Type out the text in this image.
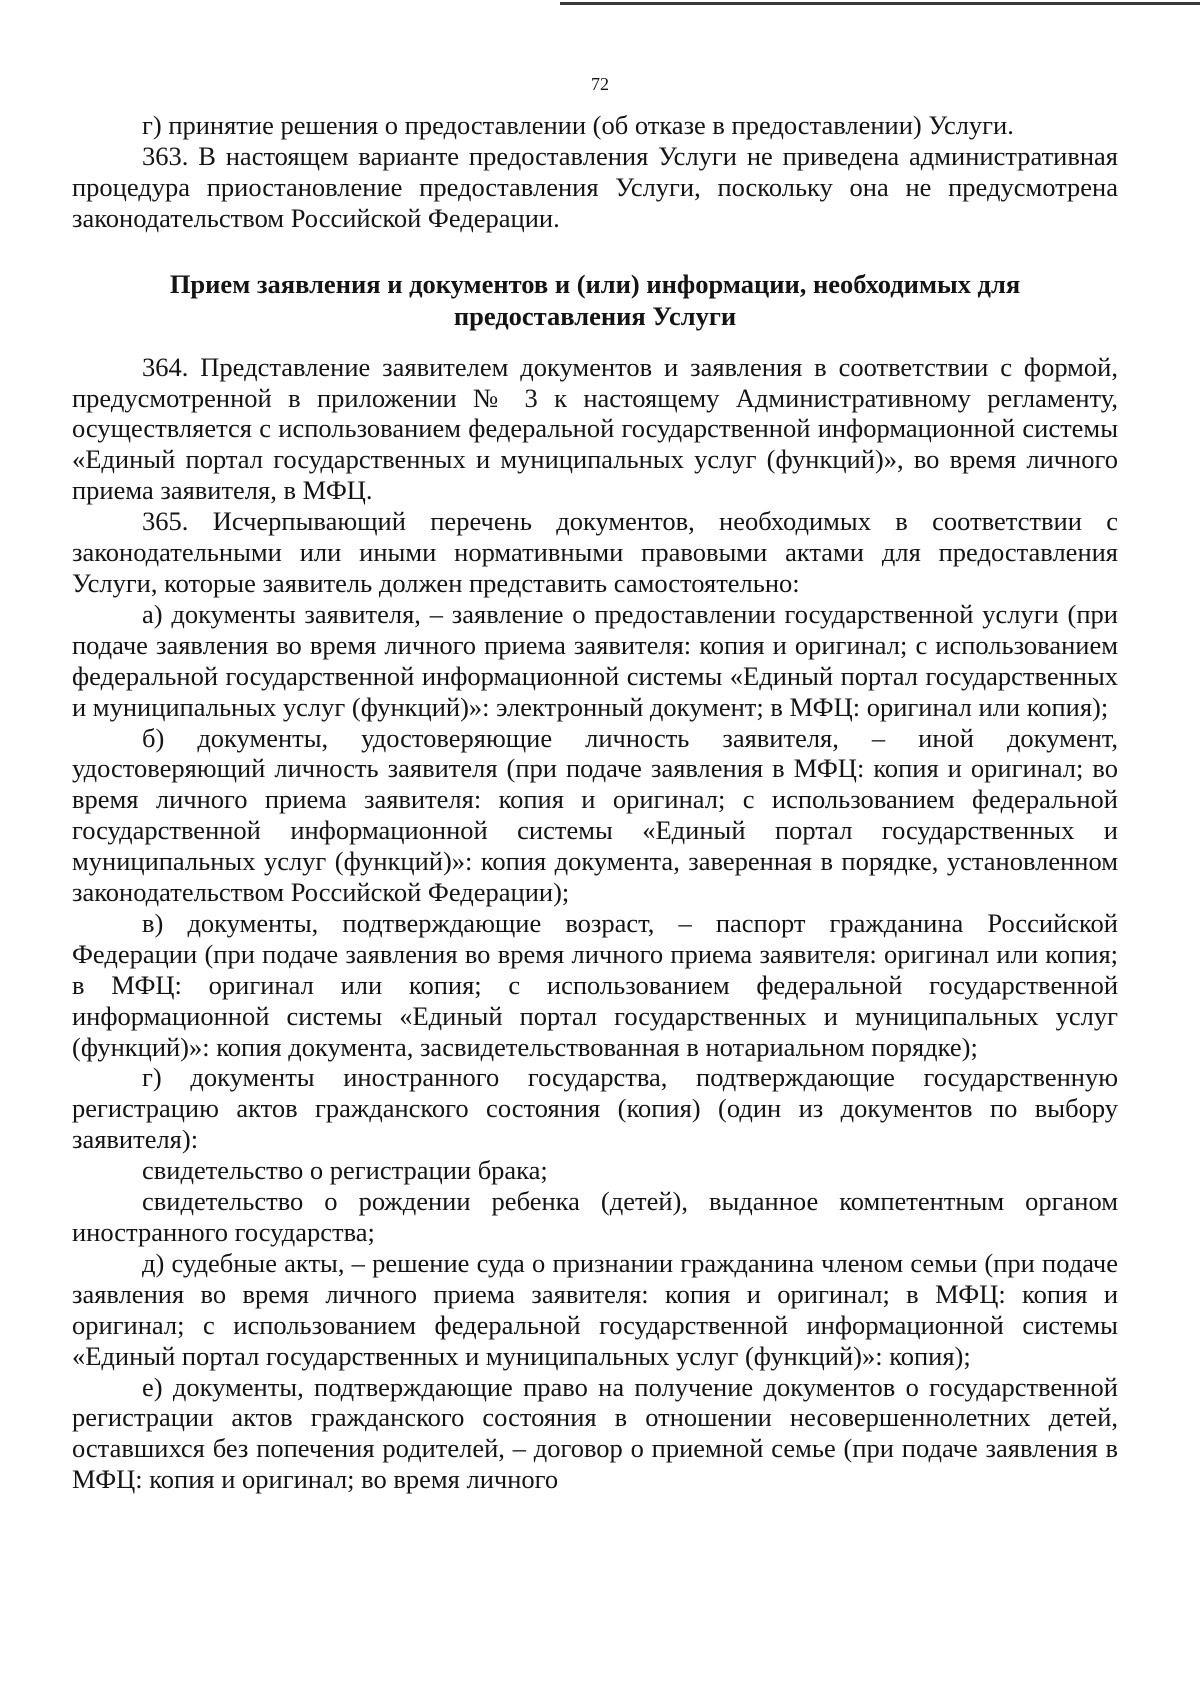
72

г) принятие решения о предоставлении (об отказе в предоставлении) Услуги.

363. В настоящем варианте предоставления Услуги не приведена административная процедура приостановление предоставления Услуги, поскольку она не предусмотрена законодательством Российской Федерации.

Прием заявления и документов и (или) информации, необходимых для предоставления Услуги

364. Представление заявителем документов и заявления в соответствии с формой, предусмотренной в приложении № 3 к настоящему Административному регламенту, осуществляется с использованием федеральной государственной информационной системы «Единый портал государственных и муниципальных услуг (функций)», во время личного приема заявителя, в МФЦ.

365. Исчерпывающий перечень документов, необходимых в соответствии с законодательными или иными нормативными правовыми актами для предоставления Услуги, которые заявитель должен представить самостоятельно:

а) документы заявителя, – заявление о предоставлении государственной услуги (при подаче заявления во время личного приема заявителя: копия и оригинал; с использованием федеральной государственной информационной системы «Единый портал государственных и муниципальных услуг (функций)»: электронный документ; в МФЦ: оригинал или копия);

б) документы, удостоверяющие личность заявителя, – иной документ, удостоверяющий личность заявителя (при подаче заявления в МФЦ: копия и оригинал; во время личного приема заявителя: копия и оригинал; с использованием федеральной государственной информационной системы «Единый портал государственных и муниципальных услуг (функций)»: копия документа, заверенная в порядке, установленном законодательством Российской Федерации);

в) документы, подтверждающие возраст, – паспорт гражданина Российской Федерации (при подаче заявления во время личного приема заявителя: оригинал или копия; в МФЦ: оригинал или копия; с использованием федеральной государственной информационной системы «Единый портал государственных и муниципальных услуг (функций)»: копия документа, засвидетельствованная в нотариальном порядке);

г) документы иностранного государства, подтверждающие государственную регистрацию актов гражданского состояния (копия) (один из документов по выбору заявителя):

свидетельство о регистрации брака;

свидетельство о рождении ребенка (детей), выданное компетентным органом иностранного государства;

д) судебные акты, – решение суда о признании гражданина членом семьи (при подаче заявления во время личного приема заявителя: копия и оригинал; в МФЦ: копия и оригинал; с использованием федеральной государственной информационной системы «Единый портал государственных и муниципальных услуг (функций)»: копия);

е) документы, подтверждающие право на получение документов о государственной регистрации актов гражданского состояния в отношении несовершеннолетних детей, оставшихся без попечения родителей, – договор о приемной семье (при подаче заявления в МФЦ: копия и оригинал; во время личного
